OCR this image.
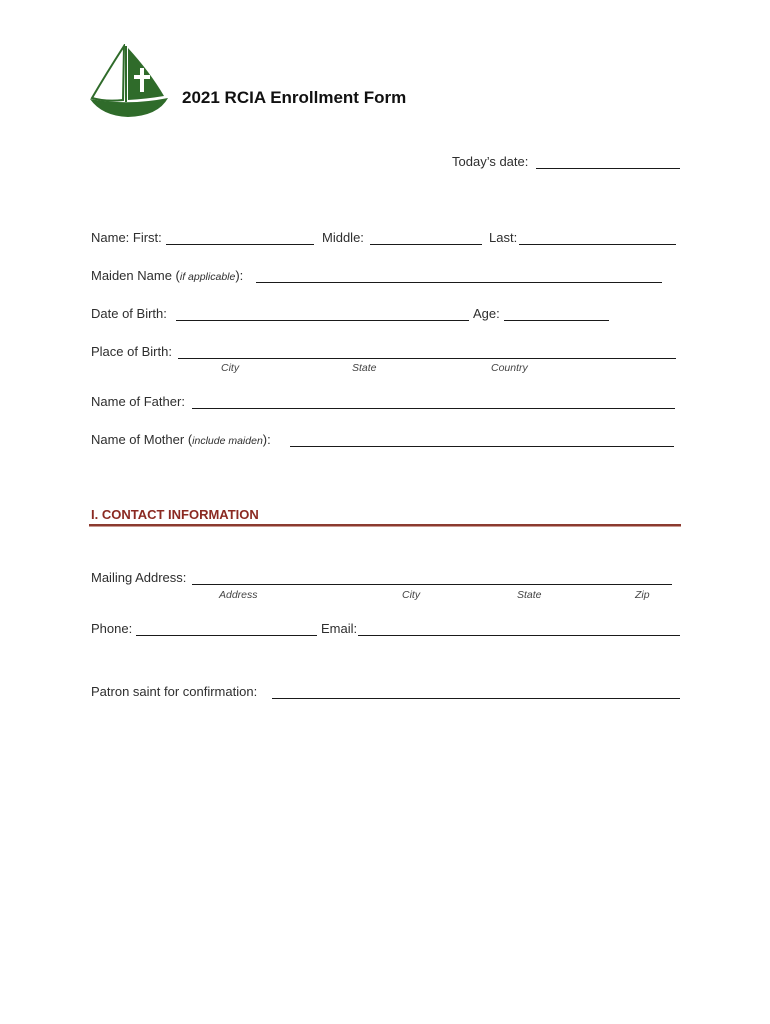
2021 RCIA Enrollment Form
Today’s date:
Name: First:	Middle:	Last:
Maiden Name (if applicable):
Date of Birth:	Age:
Place of Birth:
City	State	Country
Name of Father:
Name of Mother (include maiden):
I. CONTACT INFORMATION
Mailing Address:
Address	City	State	Zip
Phone:	Email:
Patron saint for confirmation:
